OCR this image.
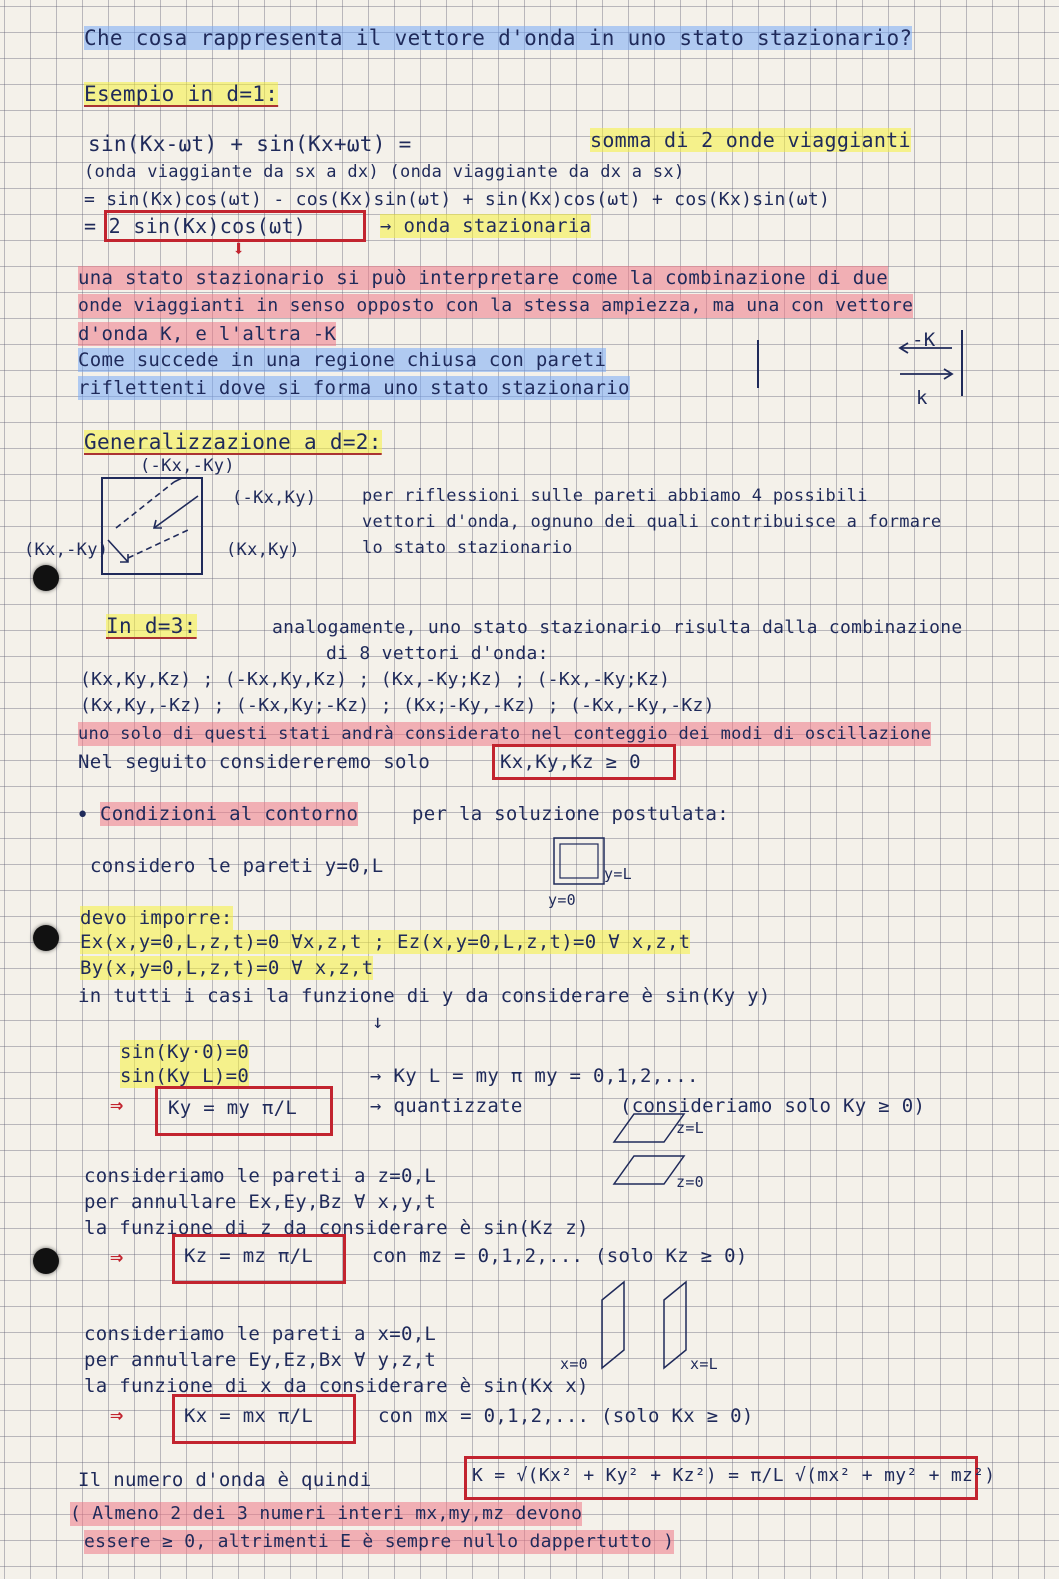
Che cosa rappresenta il vettore d'onda in uno stato stazionario?
Esempio in d=1:
sin(Kx-ωt) + sin(Kx+ωt) =	somma di 2 onde viaggianti
(onda viaggiante da sx a dx) (onda viaggiante da dx a sx)
= sin(Kx)cos(ωt) - cos(Kx)sin(ωt) + sin(Kx)cos(ωt) + cos(Kx)sin(ωt)
= 2 sin(Kx)cos(ωt)	→ onda stazionaria
⬇
una stato stazionario si può interpretare come la combinazione di due
onde viaggianti in senso opposto con la stessa ampiezza, ma una con vettore
d'onda K, e l'altra -K
Come succede in una regione chiusa con pareti
riflettenti dove si forma uno stato stazionario
-K
k
Generalizzazione a d=2:
(-Kx,-Ky)
(-Kx,Ky)
(Kx,-Ky)	(Kx,Ky)
per riflessioni sulle pareti abbiamo 4 possibili
vettori d'onda, ognuno dei quali contribuisce a formare
lo stato stazionario
In d=3:	analogamente, uno stato stazionario risulta dalla combinazione
di 8 vettori d'onda:
(Kx,Ky,Kz) ; (-Kx,Ky,Kz) ; (Kx,-Ky;Kz) ; (-Kx,-Ky;Kz)
(Kx,Ky,-Kz) ; (-Kx,Ky;-Kz) ; (Kx;-Ky,-Kz) ; (-Kx,-Ky,-Kz)
uno solo di questi stati andrà considerato nel conteggio dei modi di oscillazione
Nel seguito considereremo solo	Kx,Ky,Kz ≥ 0
• Condizioni al contorno	per la soluzione postulata:
considero le pareti y=0,L	y=L
y=0
devo imporre:
Ex(x,y=0,L,z,t)=0 ∀x,z,t ; Ez(x,y=0,L,z,t)=0 ∀ x,z,t
By(x,y=0,L,z,t)=0 ∀ x,z,t
in tutti i casi la funzione di y da considerare è sin(Ky y)
↓
sin(Ky·0)=0
sin(Ky L)=0	→ Ky L = my π my = 0,1,2,...
⇒ Ky = my π/L	→ quantizzate	(consideriamo solo Ky ≥ 0)
z=L
z=0
consideriamo le pareti a z=0,L
per annullare Ex,Ey,Bz ∀ x,y,t
la funzione di z da considerare è sin(Kz z)
⇒	Kz = mz π/L	con mz = 0,1,2,... (solo Kz ≥ 0)
x=0	x=L
consideriamo le pareti a x=0,L
per annullare Ey,Ez,Bx ∀ y,z,t
la funzione di x da considerare è sin(Kx x)
⇒	Kx = mx π/L	con mx = 0,1,2,... (solo Kx ≥ 0)
Il numero d'onda è quindi	K = √(Kx² + Ky² + Kz²) = π/L √(mx² + my² + mz²)
( Almeno 2 dei 3 numeri interi mx,my,mz devono
essere ≥ 0, altrimenti E è sempre nullo dappertutto )
